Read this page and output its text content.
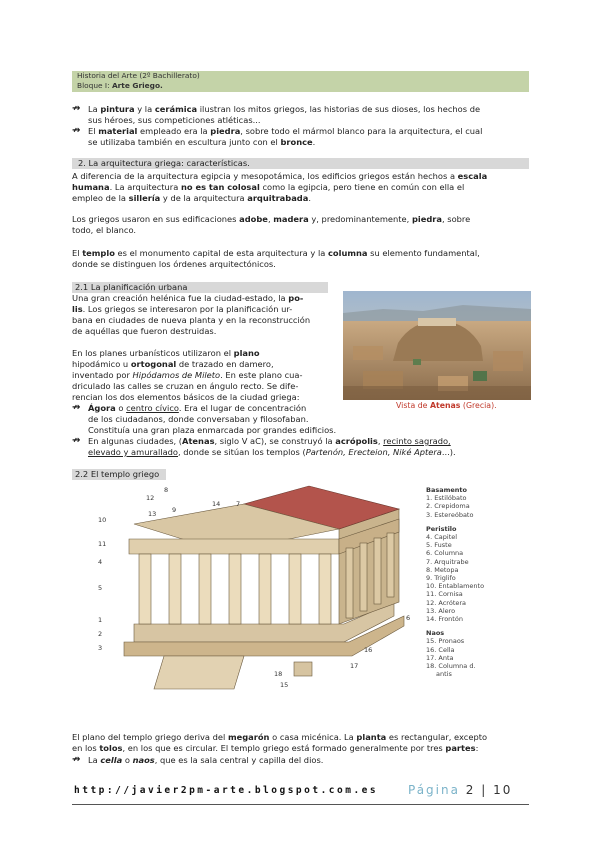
Historia del Arte (2º Bachillerato)
Bloque I: Arte Griego.
↛ La pintura y la cerámica ilustran los mitos griegos, las historias de sus dioses, los hechos de
sus héroes, sus competiciones atléticas...
↛ El material empleado era la piedra, sobre todo el mármol blanco para la arquitectura, el cual
se utilizaba también en escultura junto con el bronce.
2. La arquitectura griega: características.
A diferencia de la arquitectura egipcia y mesopotámica, los edificios griegos están hechos a escala
humana. La arquitectura no es tan colosal como la egipcia, pero tiene en común con ella el
empleo de la sillería y de la arquitectura arquitrabada.
Los griegos usaron en sus edificaciones adobe, madera y, predominantemente, piedra, sobre
todo, el blanco.
El templo es el monumento capital de esta arquitectura y la columna su elemento fundamental,
donde se distinguen los órdenes arquitectónicos.
2.1 La planificación urbana
Una gran creación helénica fue la ciudad-estado, la po-
lis. Los griegos se interesaron por la planificación ur-
bana en ciudades de nueva planta y en la reconstrucción
de aquéllas que fueron destruidas.
En los planes urbanísticos utilizaron el plano
hipodámico u ortogonal de trazado en damero,
inventado por Hipódamos de Mileto. En este plano cua-
driculado las calles se cruzan en ángulo recto. Se dife-
rencian los dos elementos básicos de la ciudad griega:
Vista de Atenas (Grecia).
↛ Ágora o centro cívico. Era el lugar de concentración
de los ciudadanos, donde conversaban y filosofaban.
Constituía una gran plaza enmarcada por grandes edificios.
↛ En algunas ciudades, (Atenas, siglo V aC), se construyó la acrópolis, recinto sagrado,
elevado y amurallado, donde se sitúan los templos (Partenón, Erecteion, Niké Aptera...).
2.2 El templo griego
8
12
13 9
14 7
10
11
4
5
6
1
2
3	16
17
18
15
Basamento
1. Estilóbato
2. Crepidoma
3. Estereóbato
Peristilo
4. Capitel
5. Fuste
6. Columna
7. Arquitrabe
8. Metopa
9. Triglifo
10. Entablamento
11. Cornisa
12. Acrótera
13. Alero
14. Frontón
Naos
15. Pronaos
16. Cella
17. Anta
18. Columna d.
antis
El plano del templo griego deriva del megarón o casa micénica. La planta es rectangular, excepto
en los tolos, en los que es circular. El templo griego está formado generalmente por tres partes:
↛ La cella o naos, que es la sala central y capilla del dios.
http://javier2pm-arte.blogspot.com.es Página 2 | 10
